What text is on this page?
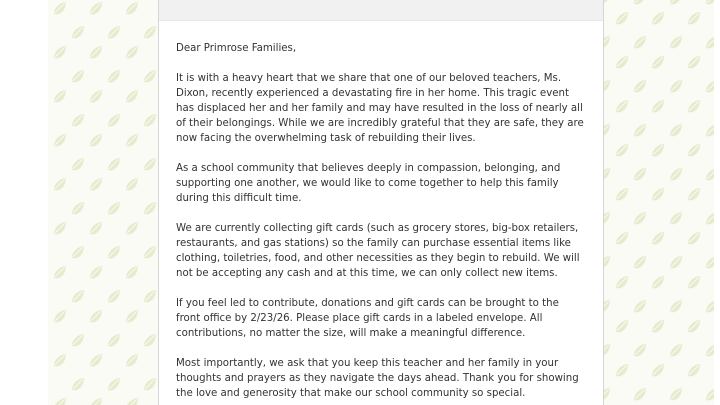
Dear Primrose Families,

It is with a heavy heart that we share that one of our beloved teachers, Ms. Dixon, recently experienced a devastating fire in her home. This tragic event has displaced her and her family and may have resulted in the loss of nearly all of their belongings. While we are incredibly grateful that they are safe, they are now facing the overwhelming task of rebuilding their lives.

As a school community that believes deeply in compassion, belonging, and supporting one another, we would like to come together to help this family during this difficult time.

We are currently collecting gift cards (such as grocery stores, big-box retailers, restaurants, and gas stations) so the family can purchase essential items like clothing, toiletries, food, and other necessities as they begin to rebuild. We will not be accepting any cash and at this time, we can only collect new items.

If you feel led to contribute, donations and gift cards can be brought to the front office by 2/23/26. Please place gift cards in a labeled envelope. All contributions, no matter the size, will make a meaningful difference.

Most importantly, we ask that you keep this teacher and her family in your thoughts and prayers as they navigate the days ahead. Thank you for showing the love and generosity that make our school community so special.
